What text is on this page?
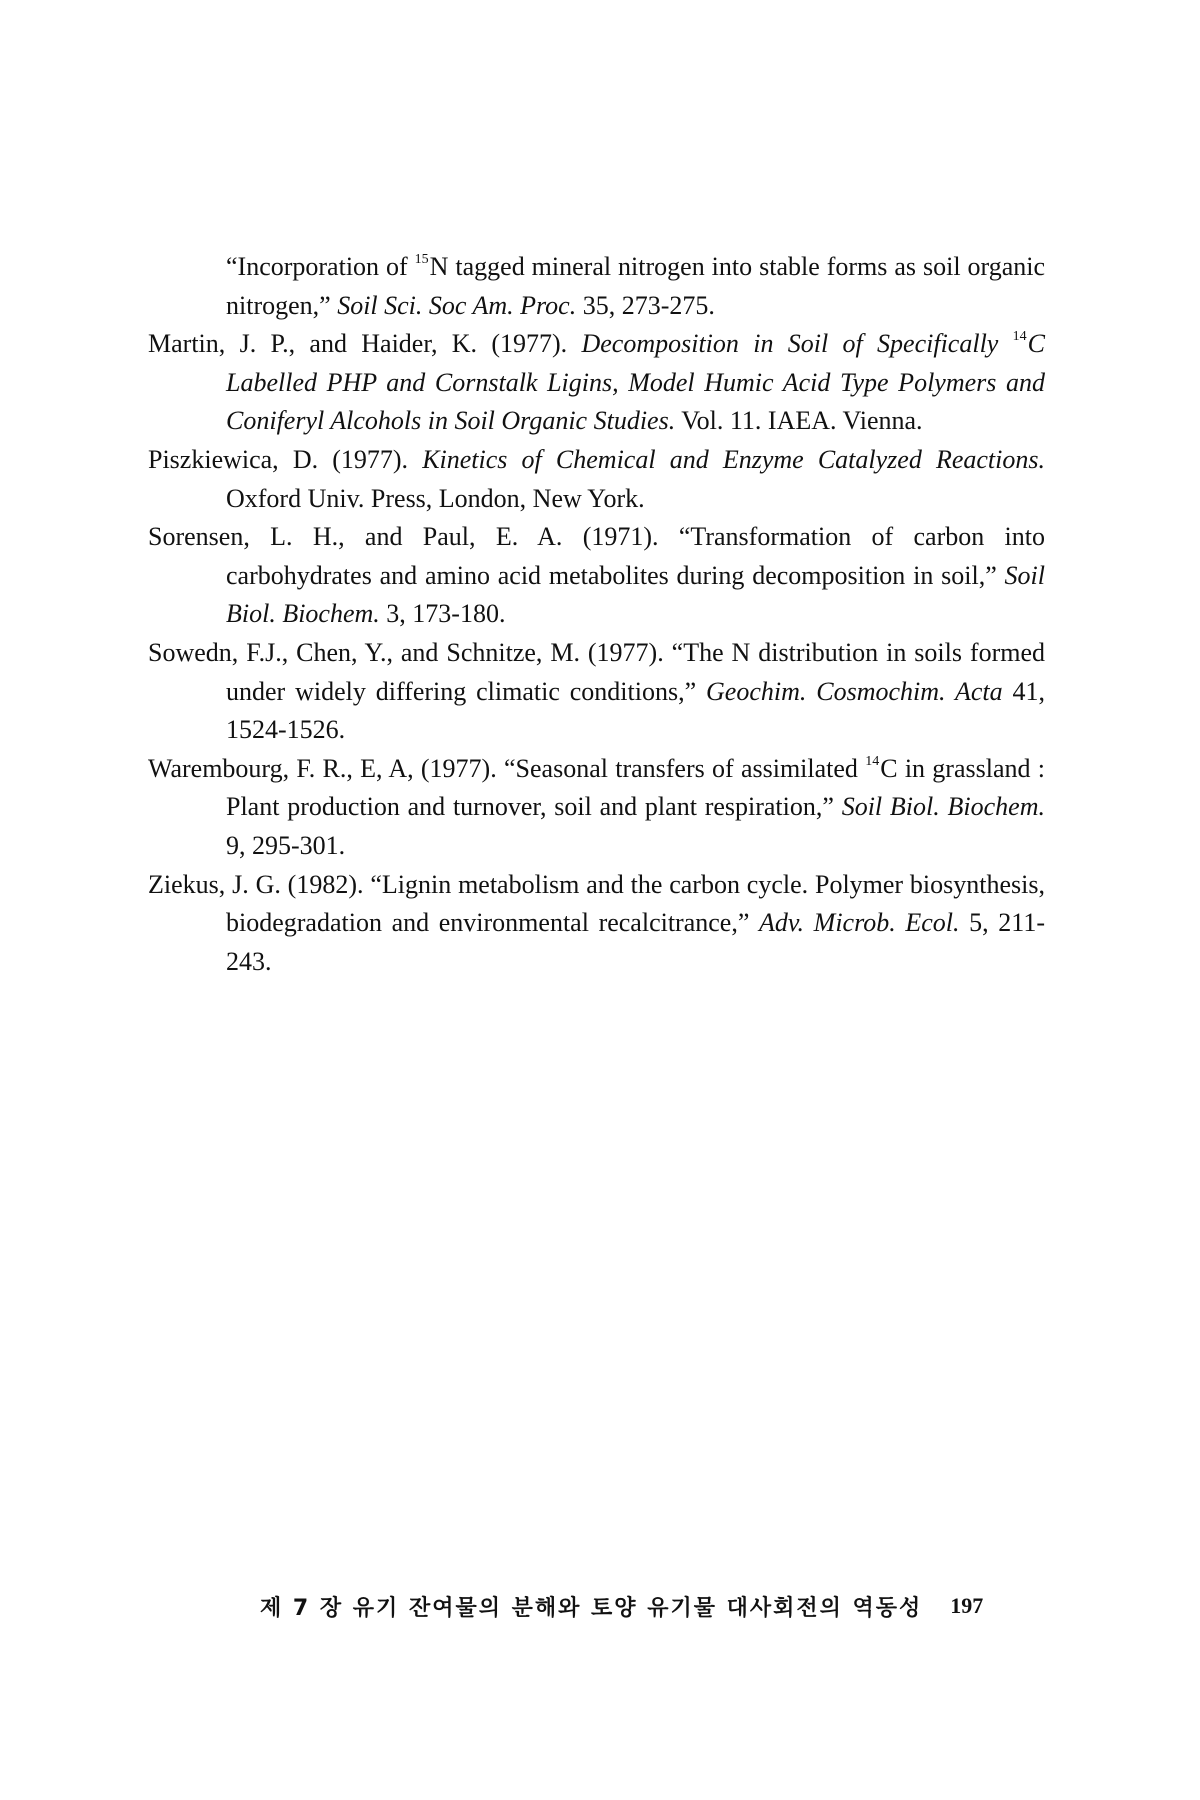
“Incorporation of $^{15}$N tagged mineral nitrogen into stable forms as soil organic nitrogen,” Soil Sci. Soc Am. Proc. 35, 273-275.

Martin, J. P., and Haider, K. (1977). Decomposition in Soil of Specifically $^{14}$C Labelled PHP and Cornstalk Ligins, Model Humic Acid Type Polymers and Coniferyl Alcohols in Soil Organic Studies. Vol. 11. IAEA. Vienna.

Piszkiewica, D. (1977). Kinetics of Chemical and Enzyme Catalyzed Reactions. Oxford Univ. Press, London, New York.

Sorensen, L. H., and Paul, E. A. (1971). “Transformation of carbon into carbohydrates and amino acid metabolites during decomposition in soil,” Soil Biol. Biochem. 3, 173-180.

Sowedn, F.J., Chen, Y., and Schnitze, M. (1977). “The N distribution in soils formed under widely differing climatic conditions,” Geochim. Cosmochim. Acta 41, 1524-1526.

Warembourg, F. R., E, A, (1977). “Seasonal transfers of assimilated $^{14}$C in grassland : Plant production and turnover, soil and plant respiration,” Soil Biol. Biochem. 9, 295-301.

Ziekus, J. G. (1982). “Lignin metabolism and the carbon cycle. Polymer biosynthesis, biodegradation and environmental recalcitrance,” Adv. Microb. Ecol. 5, 211-243.

제 7 장 유기 잔여물의 분해와 토양 유기물 대사회전의 역동성 197
